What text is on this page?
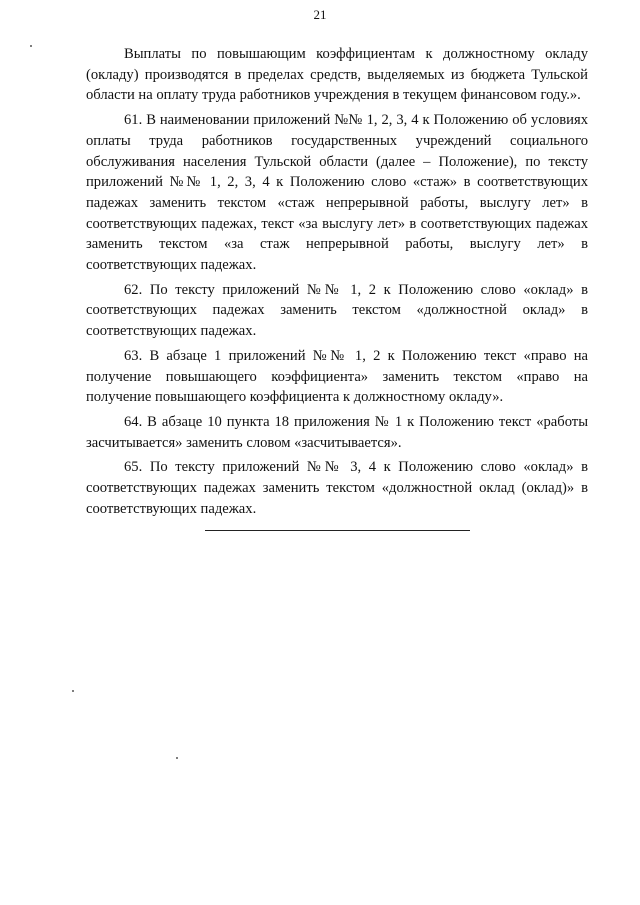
21

Выплаты по повышающим коэффициентам к должностному окладу (окладу) производятся в пределах средств, выделяемых из бюджета Тульской области на оплату труда работников учреждения в текущем финансовом году.».

61. В наименовании приложений №№ 1, 2, 3, 4 к Положению об условиях оплаты труда работников государственных учреждений социального обслуживания населения Тульской области (далее – Положение), по тексту приложений №№ 1, 2, 3, 4 к Положению слово «стаж» в соответствующих падежах заменить текстом «стаж непрерывной работы, выслугу лет» в соответствующих падежах, текст «за выслугу лет» в соответствующих падежах заменить текстом «за стаж непрерывной работы, выслугу лет» в соответствующих падежах.

62. По тексту приложений №№ 1, 2 к Положению слово «оклад» в соответствующих падежах заменить текстом «должностной оклад» в соответствующих падежах.

63. В абзаце 1 приложений №№ 1, 2 к Положению текст «право на получение повышающего коэффициента» заменить текстом «право на получение повышающего коэффициента к должностному окладу».

64. В абзаце 10 пункта 18 приложения № 1 к Положению текст «работы засчитывается» заменить словом «засчитывается».

65. По тексту приложений №№ 3, 4 к Положению слово «оклад» в соответствующих падежах заменить текстом «должностной оклад (оклад)» в соответствующих падежах.
